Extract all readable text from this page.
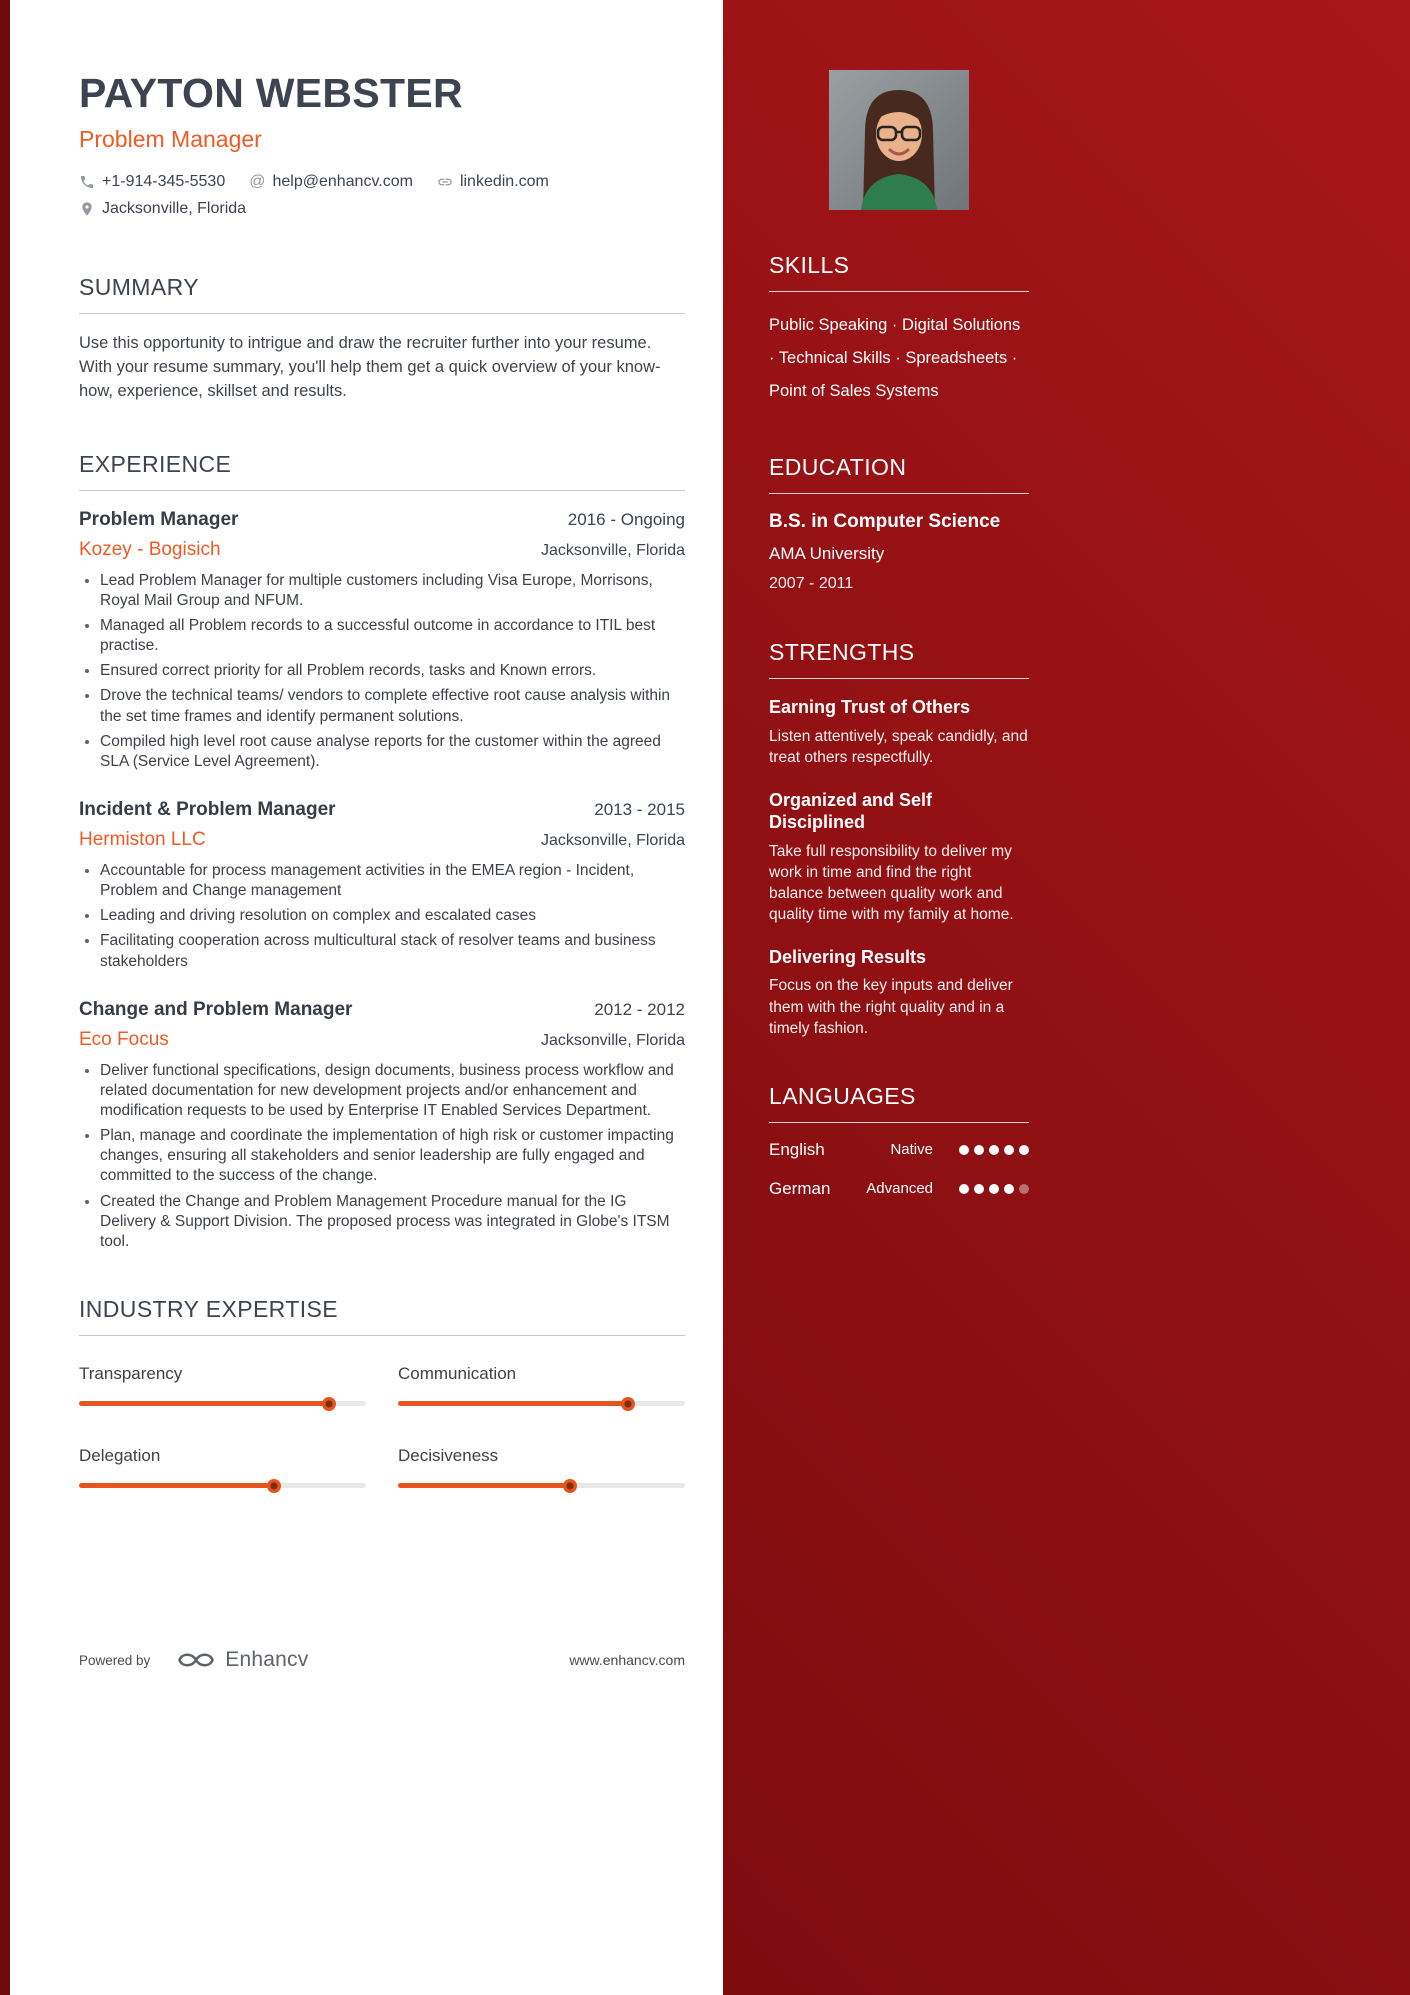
PAYTON WEBSTER
Problem Manager
+1-914-345-5530 @ help@enhancv.com	linkedin.com
Jacksonville, Florida
SUMMARY

Use this opportunity to intrigue and draw the recruiter further into your resume. With your resume summary, you'll help them get a quick overview of your know-how, experience, skillset and results.

EXPERIENCE
Problem Manager	2016 - Ongoing
Kozey - Bogisich	Jacksonville, Florida
• Lead Problem Manager for multiple customers including Visa Europe, Morrisons, Royal Mail Group and NFUM.
• Managed all Problem records to a successful outcome in accordance to ITIL best practise.
• Ensured correct priority for all Problem records, tasks and Known errors.
• Drove the technical teams/ vendors to complete effective root cause analysis within the set time frames and identify permanent solutions.
• Compiled high level root cause analyse reports for the customer within the agreed SLA (Service Level Agreement).
Incident & Problem Manager	2013 - 2015
Hermiston LLC	Jacksonville, Florida
• Accountable for process management activities in the EMEA region - Incident, Problem and Change management
• Leading and driving resolution on complex and escalated cases
• Facilitating cooperation across multicultural stack of resolver teams and business stakeholders
Change and Problem Manager	2012 - 2012
Eco Focus	Jacksonville, Florida
• Deliver functional specifications, design documents, business process workflow and related documentation for new development projects and/or enhancement and modification requests to be used by Enterprise IT Enabled Services Department.
• Plan, manage and coordinate the implementation of high risk or customer impacting changes, ensuring all stakeholders and senior leadership are fully engaged and committed to the success of the change.
• Created the Change and Problem Management Procedure manual for the IG Delivery & Support Division. The proposed process was integrated in Globe's ITSM tool.
INDUSTRY EXPERTISE
Transparency	Communication
Delegation	Decisiveness
Powered by	Enhancv	www.enhancv.com
SKILLS

Public Speaking · Digital Solutions · Technical Skills · Spreadsheets · Point of Sales Systems

EDUCATION
B.S. in Computer Science
AMA University
2007 - 2011
STRENGTHS
Earning Trust of Others
Listen attentively, speak candidly, and treat others respectfully.
Organized and Self Disciplined
Take full responsibility to deliver my work in time and find the right balance between quality work and quality time with my family at home.
Delivering Results
Focus on the key inputs and deliver them with the right quality and in a timely fashion.
LANGUAGES
English	Native
German	Advanced
